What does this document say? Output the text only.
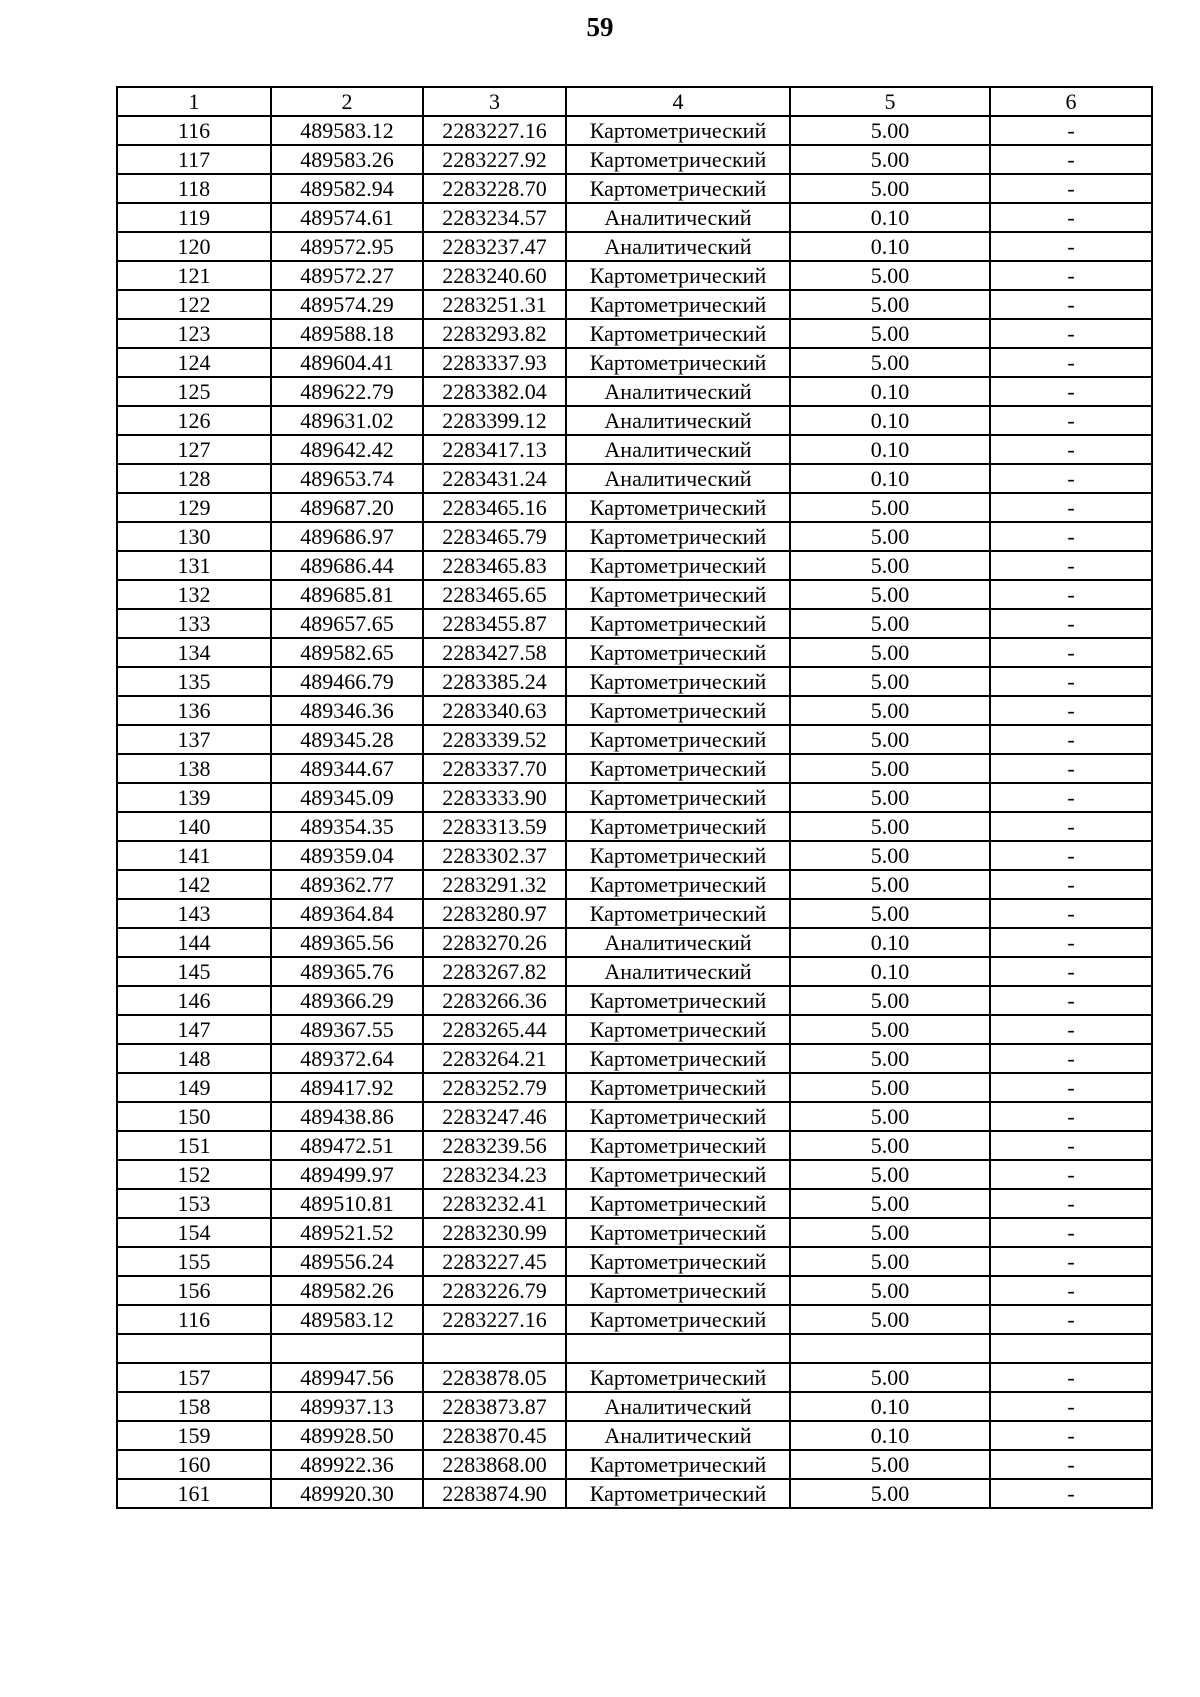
59
1	2	3	4	5	6
116	489583.12	2283227.16	Картометрический	5.00	-
117	489583.26	2283227.92	Картометрический	5.00	-
118	489582.94	2283228.70	Картометрический	5.00	-
119	489574.61	2283234.57	Аналитический	0.10	-
120	489572.95	2283237.47	Аналитический	0.10	-
121	489572.27	2283240.60	Картометрический	5.00	-
122	489574.29	2283251.31	Картометрический	5.00	-
123	489588.18	2283293.82	Картометрический	5.00	-
124	489604.41	2283337.93	Картометрический	5.00	-
125	489622.79	2283382.04	Аналитический	0.10	-
126	489631.02	2283399.12	Аналитический	0.10	-
127	489642.42	2283417.13	Аналитический	0.10	-
128	489653.74	2283431.24	Аналитический	0.10	-
129	489687.20	2283465.16	Картометрический	5.00	-
130	489686.97	2283465.79	Картометрический	5.00	-
131	489686.44	2283465.83	Картометрический	5.00	-
132	489685.81	2283465.65	Картометрический	5.00	-
133	489657.65	2283455.87	Картометрический	5.00	-
134	489582.65	2283427.58	Картометрический	5.00	-
135	489466.79	2283385.24	Картометрический	5.00	-
136	489346.36	2283340.63	Картометрический	5.00	-
137	489345.28	2283339.52	Картометрический	5.00	-
138	489344.67	2283337.70	Картометрический	5.00	-
139	489345.09	2283333.90	Картометрический	5.00	-
140	489354.35	2283313.59	Картометрический	5.00	-
141	489359.04	2283302.37	Картометрический	5.00	-
142	489362.77	2283291.32	Картометрический	5.00	-
143	489364.84	2283280.97	Картометрический	5.00	-
144	489365.56	2283270.26	Аналитический	0.10	-
145	489365.76	2283267.82	Аналитический	0.10	-
146	489366.29	2283266.36	Картометрический	5.00	-
147	489367.55	2283265.44	Картометрический	5.00	-
148	489372.64	2283264.21	Картометрический	5.00	-
149	489417.92	2283252.79	Картометрический	5.00	-
150	489438.86	2283247.46	Картометрический	5.00	-
151	489472.51	2283239.56	Картометрический	5.00	-
152	489499.97	2283234.23	Картометрический	5.00	-
153	489510.81	2283232.41	Картометрический	5.00	-
154	489521.52	2283230.99	Картометрический	5.00	-
155	489556.24	2283227.45	Картометрический	5.00	-
156	489582.26	2283226.79	Картометрический	5.00	-
116	489583.12	2283227.16	Картометрический	5.00	-

157	489947.56	2283878.05	Картометрический	5.00	-
158	489937.13	2283873.87	Аналитический	0.10	-
159	489928.50	2283870.45	Аналитический	0.10	-
160	489922.36	2283868.00	Картометрический	5.00	-
161	489920.30	2283874.90	Картометрический	5.00	-
